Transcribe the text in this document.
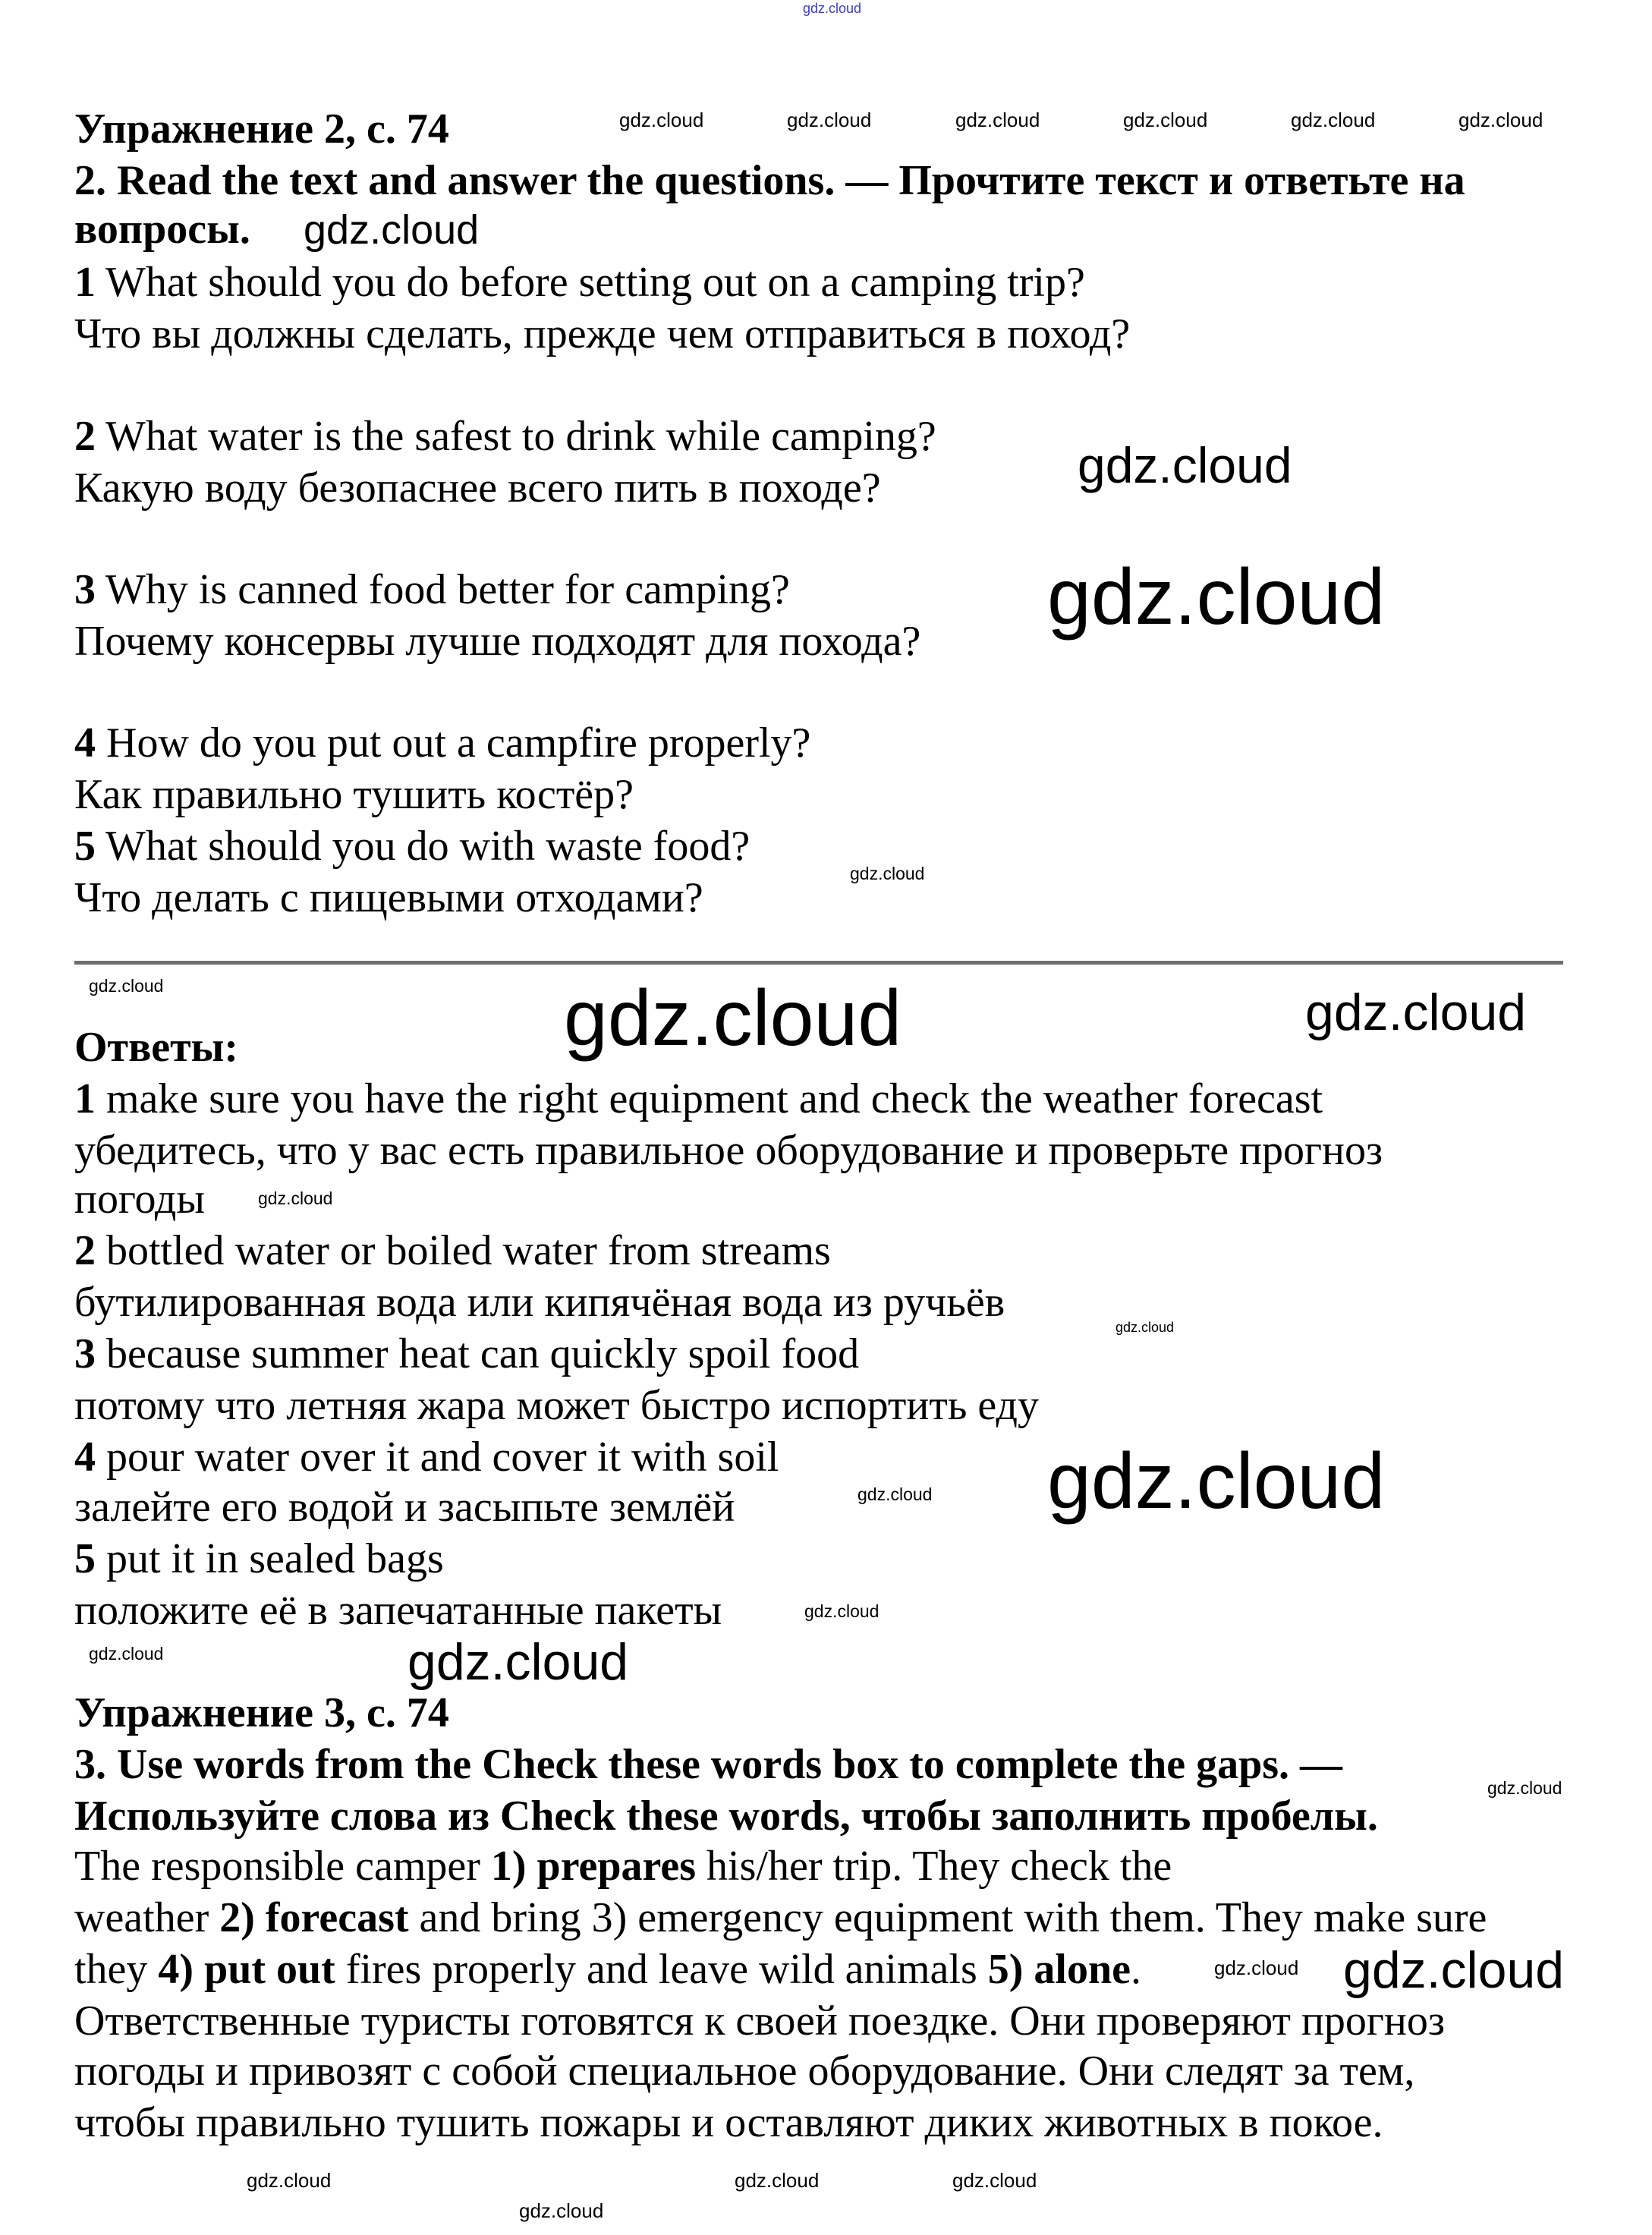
Упражнение 2, с. 74
2. Read the text and answer the questions. — Прочтите текст и ответьте на
вопросы.
1 What should you do before setting out on a camping trip?
Что вы должны сделать, прежде чем отправиться в поход?
2 What water is the safest to drink while camping?
Какую воду безопаснее всего пить в походе?
3 Why is canned food better for camping?
Почему консервы лучше подходят для похода?
4 How do you put out a campfire properly?
Как правильно тушить костёр?
5 What should you do with waste food?
Что делать с пищевыми отходами?
Ответы:
1 make sure you have the right equipment and check the weather forecast
убедитесь, что у вас есть правильное оборудование и проверьте прогноз
погоды
2 bottled water or boiled water from streams
бутилированная вода или кипячёная вода из ручьёв
3 because summer heat can quickly spoil food
потому что летняя жара может быстро испортить еду
4 pour water over it and cover it with soil
залейте его водой и засыпьте землёй
5 put it in sealed bags
положите её в запечатанные пакеты
Упражнение 3, с. 74
3. Use words from the Check these words box to complete the gaps. —
Используйте слова из Check these words, чтобы заполнить пробелы.
The responsible camper 1) prepares his/her trip. They check the
weather 2) forecast and bring 3) emergency equipment with them. They make sure
they 4) put out fires properly and leave wild animals 5) alone.
Ответственные туристы готовятся к своей поездке. Они проверяют прогноз
погоды и привозят с собой специальное оборудование. Они следят за тем,
чтобы правильно тушить пожары и оставляют диких животных в покое.
gdz.cloud
gdz.cloud	gdz.cloud	gdz.cloud	gdz.cloud	gdz.cloud	gdz.cloud
gdz.cloud
gdz.cloud
gdz.cloud
gdz.cloud
gdz.cloud	gdz.cloud	gdz.cloud
gdz.cloud
gdz.cloud
gdz.cloud gdz.cloud
gdz.cloud
gdz.cloud
gdz.cloud
gdz.cloud
gdz.cloud gdz.cloud
gdz.cloud	gdz.cloud	gdz.cloud
gdz.cloud
